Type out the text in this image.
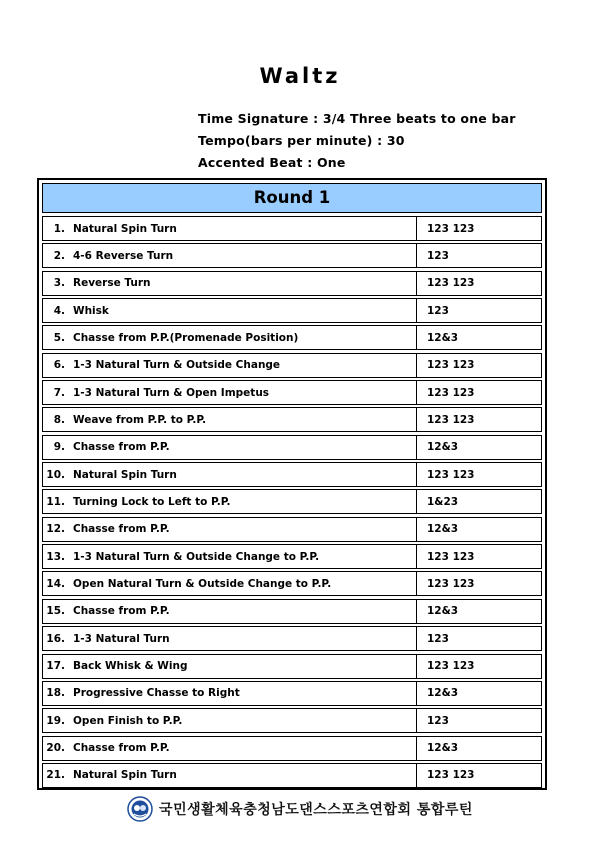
Waltz
Time Signature : 3/4 Three beats to one bar
Tempo(bars per minute) : 30
Accented Beat : One
Round 1
1. Natural Spin Turn	123 123
2. 4-6 Reverse Turn	123
3. Reverse Turn	123 123
4. Whisk	123
5. Chasse from P.P.(Promenade Position)	12&3
6. 1-3 Natural Turn & Outside Change	123 123
7. 1-3 Natural Turn & Open Impetus	123 123
8. Weave from P.P. to P.P.	123 123
9. Chasse from P.P.	12&3
10. Natural Spin Turn	123 123
11. Turning Lock to Left to P.P.	1&23
12. Chasse from P.P.	12&3
13. 1-3 Natural Turn & Outside Change to P.P.	123 123
14. Open Natural Turn & Outside Change to P.P.	123 123
15. Chasse from P.P.	12&3
16. 1-3 Natural Turn	123
17. Back Whisk & Wing	123 123
18. Progressive Chasse to Right	12&3
19. Open Finish to P.P.	123
20. Chasse from P.P.	12&3
21. Natural Spin Turn	123 123
국민생활체육충청남도댄스스포츠연합회 통합루틴
